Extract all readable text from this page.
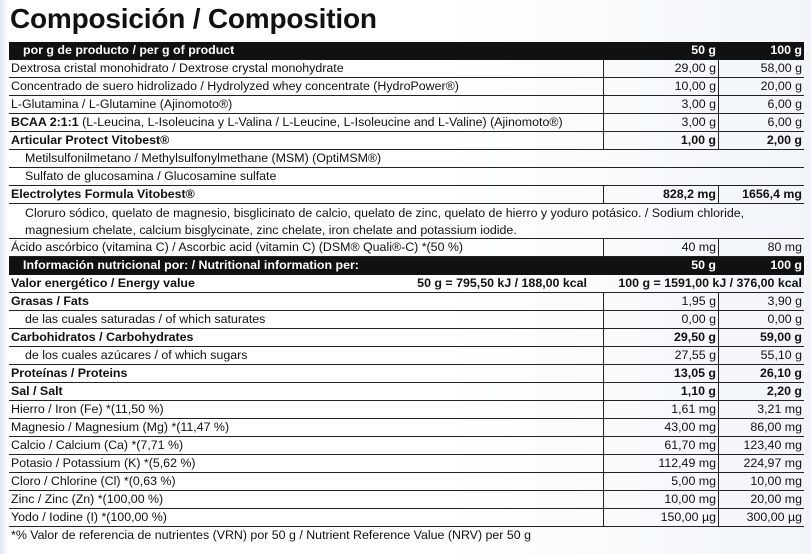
Composición / Composition
por g de producto / per g of product	50 g	100 g
Dextrosa cristal monohidrato / Dextrose crystal monohydrate	29,00 g	58,00 g
Concentrado de suero hidrolizado / Hydrolyzed whey concentrate (HydroPower®)	10,00 g	20,00 g
L-Glutamina / L-Glutamine (Ajinomoto®)	3,00 g	6,00 g
BCAA 2:1:1 (L-Leucina, L-Isoleucina y L-Valina / L-Leucine, L-Isoleucine and L-Valine) (Ajinomoto®)	3,00 g	6,00 g
Articular Protect Vitobest®	1,00 g	2,00 g
Metilsulfonilmetano / Methylsulfonylmethane (MSM) (OptiMSM®)
Sulfato de glucosamina / Glucosamine sulfate
Electrolytes Formula Vitobest®	828,2 mg	1656,4 mg
Cloruro sódico, quelato de magnesio, bisglicinato de calcio, quelato de zinc, quelato de hierro y yoduro potásico. / Sodium chloride, magnesium chelate, calcium bisglycinate, zinc chelate, iron chelate and potassium iodide.
Ácido ascórbico (vitamina C) / Ascorbic acid (vitamin C) (DSM® Quali®-C) *(50 %)	40 mg	80 mg
Información nutricional por: / Nutritional information per:	50 g	100 g
Valor energético / Energy value	50 g = 795,50 kJ / 188,00 kcal	100 g = 1591,00 kJ / 376,00 kcal
Grasas / Fats	1,95 g	3,90 g
de las cuales saturadas / of which saturates	0,00 g	0,00 g
Carbohidratos / Carbohydrates	29,50 g	59,00 g
de los cuales azúcares / of which sugars	27,55 g	55,10 g
Proteínas / Proteins	13,05 g	26,10 g
Sal / Salt	1,10 g	2,20 g
Hierro / Iron (Fe) *(11,50 %)	1,61 mg	3,21 mg
Magnesio / Magnesium (Mg) *(11,47 %)	43,00 mg	86,00 mg
Calcio / Calcium (Ca) *(7,71 %)	61,70 mg	123,40 mg
Potasio / Potassium (K) *(5,62 %)	112,49 mg	224,97 mg
Cloro / Chlorine (Cl) *(0,63 %)	5,00 mg	10,00 mg
Zinc / Zinc (Zn) *(100,00 %)	10,00 mg	20,00 mg
Yodo / Iodine (I) *(100,00 %)	150,00 µg	300,00 µg
*% Valor de referencia de nutrientes (VRN) por 50 g / Nutrient Reference Value (NRV) per 50 g
